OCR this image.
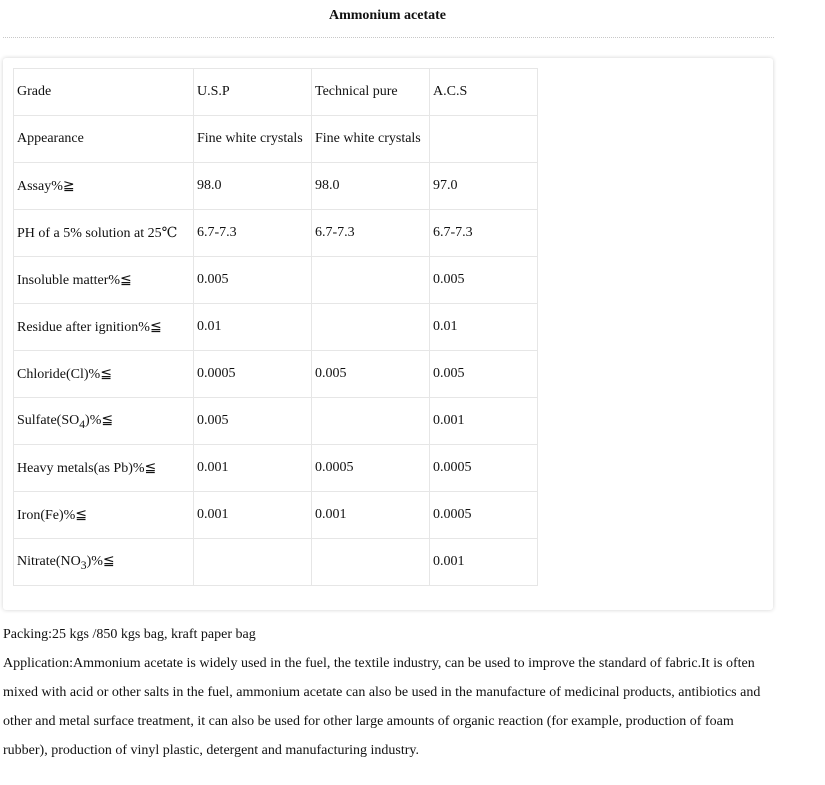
Ammonium acetate
Grade	U.S.P	Technical pure	A.C.S
Appearance	Fine white crystals	Fine white crystals	
Assay%≧	98.0	98.0	97.0
PH of a 5% solution at 25℃	6.7-7.3	6.7-7.3	6.7-7.3
Insoluble matter%≦	0.005		0.005
Residue after ignition%≦	0.01		0.01
Chloride(Cl)%≦	0.0005	0.005	0.005
$Sulfate(SO_4)\%≦$	0.005		0.001
Heavy metals(as Pb)%≦	0.001	0.0005	0.0005
Iron(Fe)%≦	0.001	0.001	0.0005
$Nitrate(NO_3)\%≦$			0.001

Packing:25 kgs /850 kgs bag, kraft paper bag

Application:Ammonium acetate is widely used in the fuel, the textile industry, can be used to improve the standard of fabric.It is often mixed with acid or other salts in the fuel, ammonium acetate can also be used in the manufacture of medicinal products, antibiotics and other and metal surface treatment, it can also be used for other large amounts of organic reaction (for example, production of foam rubber), production of vinyl plastic, detergent and manufacturing industry.
